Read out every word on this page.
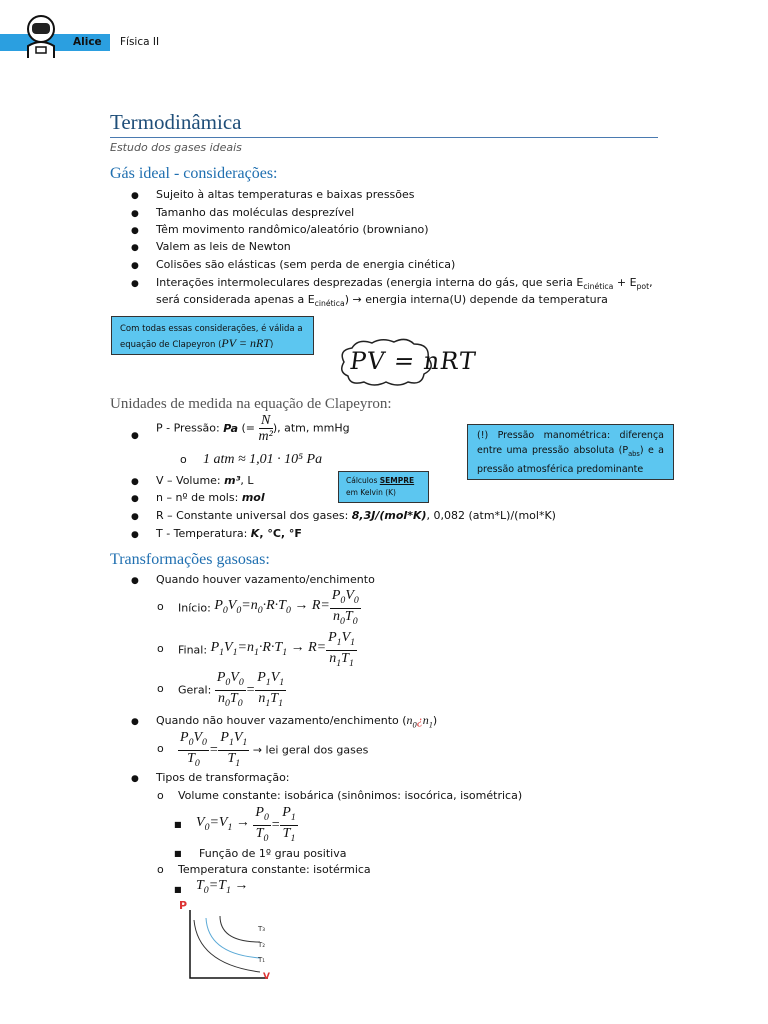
Alice Física II
Termodinâmica
Estudo dos gases ideais
Gás ideal - considerações:
● Sujeito à altas temperaturas e baixas pressões
● Tamanho das moléculas desprezível
● Têm movimento randômico/aleatório (browniano)
● Valem as leis de Newton
● Colisões são elásticas (sem perda de energia cinética)
● Interações intermoleculares desprezadas (energia interna do gás, que seria $E_{cinética} + E_{pot}$,
será considerada apenas a $E_{cinética}$) → energia interna(U) depende da temperatura
Com todas essas considerações, é válida a equação de Clapeyron (PV = nRT)
PV = nRT
Unidades de medida na equação de Clapeyron:
●
P - Pressão: Pa (= $\frac{N}{\text{m²}}$ ), atm, mmHg
o 1 atm ≈ 1,01 · 10⁵ Pa
● V – Volume: m³, L
● n – nº de mols: mol
● R – Constante universal dos gases: 8,3J/(mol*K), 0,082 (atm*L)/(mol*K)
● T - Temperatura: K, °C, °F
(!) Pressão manométrica: diferença entre uma pressão absoluta $(P_{abs})$ e a pressão atmosférica predominante
Cálculos SEMPRE
em Kelvin (K)
Transformações gasosas:
● Quando houver vazamento/enchimento
o Início: $P_0V_0=n_0\cdot R\cdot T_0 \to R= \frac{P_0V_0}{n_0T_0}$
o Final: $P_1V_1=n_1\cdot R\cdot T_1 \to R= \frac{P_1V_1}{n_1T_1}$
o Geral: $\frac{P_0V_0}{n_0T_0} = \frac{P_1V_1}{n_1T_1}$
● Quando não houver vazamento/enchimento $(n_0¿n_1)$
o $\frac{P_0V_0}{T_0} = \frac{P_1V_1}{T_1}$ → lei geral dos gases
● Tipos de transformação:
o Volume constante: isobárica (sinônimos: isocórica, isométrica)
■ $V_0=V_1 \to \frac{P_0}{T_0} = \frac{P_1}{T_1}$
■ Função de 1º grau positiva
o Temperatura constante: isotérmica
■ $T_0=T_1$ →
P
V
T₃
T₂
T₁
